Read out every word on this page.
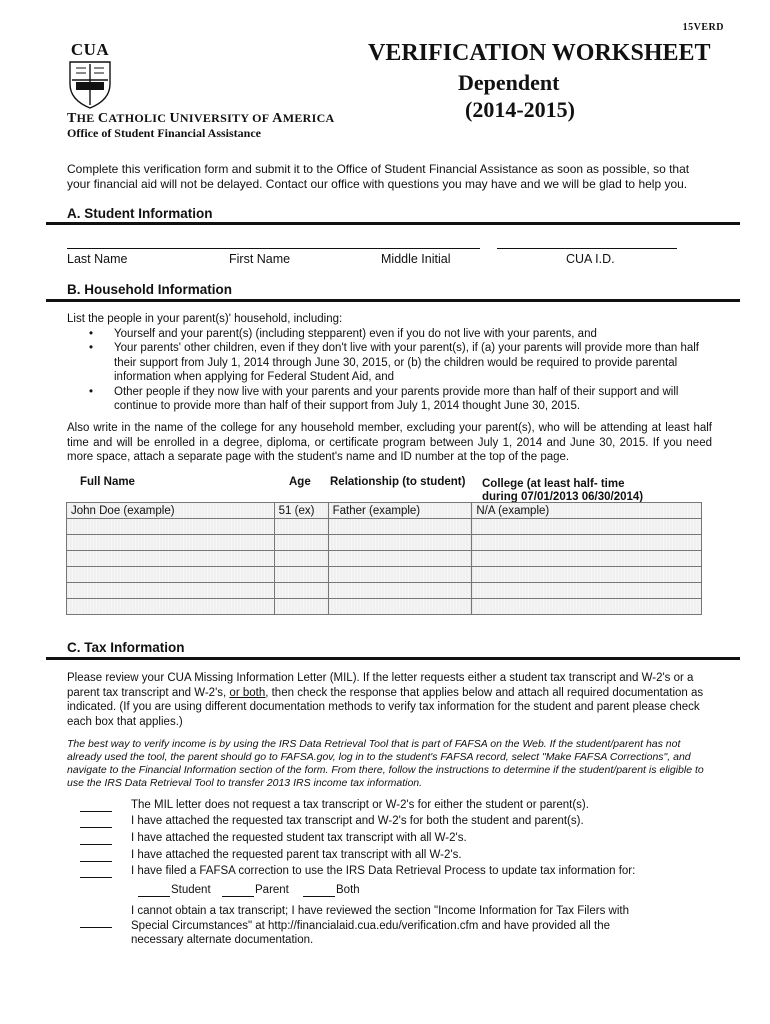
15VERD
CUA	VERIFICATION WORKSHEET
Dependent
(2014-2015)
THE CATHOLIC UNIVERSITY OF AMERICA
Office of Student Financial Assistance
Complete this verification form and submit it to the Office of Student Financial Assistance as soon as possible, so that your financial aid will not be delayed. Contact our office with questions you may have and we will be glad to help you.
A. Student Information
Last Name	First Name	Middle Initial	CUA I.D.
B. Household Information
List the people in your parent(s)' household, including:
• Yourself and your parent(s) (including stepparent) even if you do not live with your parents, and
• Your parents' other children, even if they don't live with your parent(s), if (a) your parents will provide more than half their support from July 1, 2014 through June 30, 2015, or (b) the children would be required to provide parental information when applying for Federal Student Aid, and
• Other people if they now live with your parents and your parents provide more than half of their support and will continue to provide more than half of their support from July 1, 2014 thought June 30, 2015.
Also write in the name of the college for any household member, excluding your parent(s), who will be attending at least half time and will be enrolled in a degree, diploma, or certificate program between July 1, 2014 and June 30, 2015. If you need more space, attach a separate page with the student's name and ID number at the top of the page.
Full Name	Age Relationship (to student) College (at least half- time
during 07/01/2013 06/30/2014)
John Doe (example)	51 (ex)	Father (example)	N/A (example)

C. Tax Information
Please review your CUA Missing Information Letter (MIL). If the letter requests either a student tax transcript and W-2's or a parent tax transcript and W-2's, or both, then check the response that applies below and attach all required documentation as indicated. (If you are using different documentation methods to verify tax information for the student and parent please check each box that applies.)
The best way to verify income is by using the IRS Data Retrieval Tool that is part of FAFSA on the Web. If the student/parent has not already used the tool, the parent should go to FAFSA.gov, log in to the student's FAFSA record, select "Make FAFSA Corrections", and navigate to the Financial Information section of the form. From there, follow the instructions to determine if the student/parent is eligible to use the IRS Data Retrieval Tool to transfer 2013 IRS income tax information.
The MIL letter does not request a tax transcript or W-2's for either the student or parent(s).
I have attached the requested tax transcript and W-2's for both the student and parent(s).
I have attached the requested student tax transcript with all W-2's.
I have attached the requested parent tax transcript with all W-2's.
I have filed a FAFSA correction to use the IRS Data Retrieval Process to update tax information for:
Student	Parent	Both
I cannot obtain a tax transcript; I have reviewed the section "Income Information for Tax Filers with Special Circumstances" at http://financialaid.cua.edu/verification.cfm and have provided all the necessary alternate documentation.
